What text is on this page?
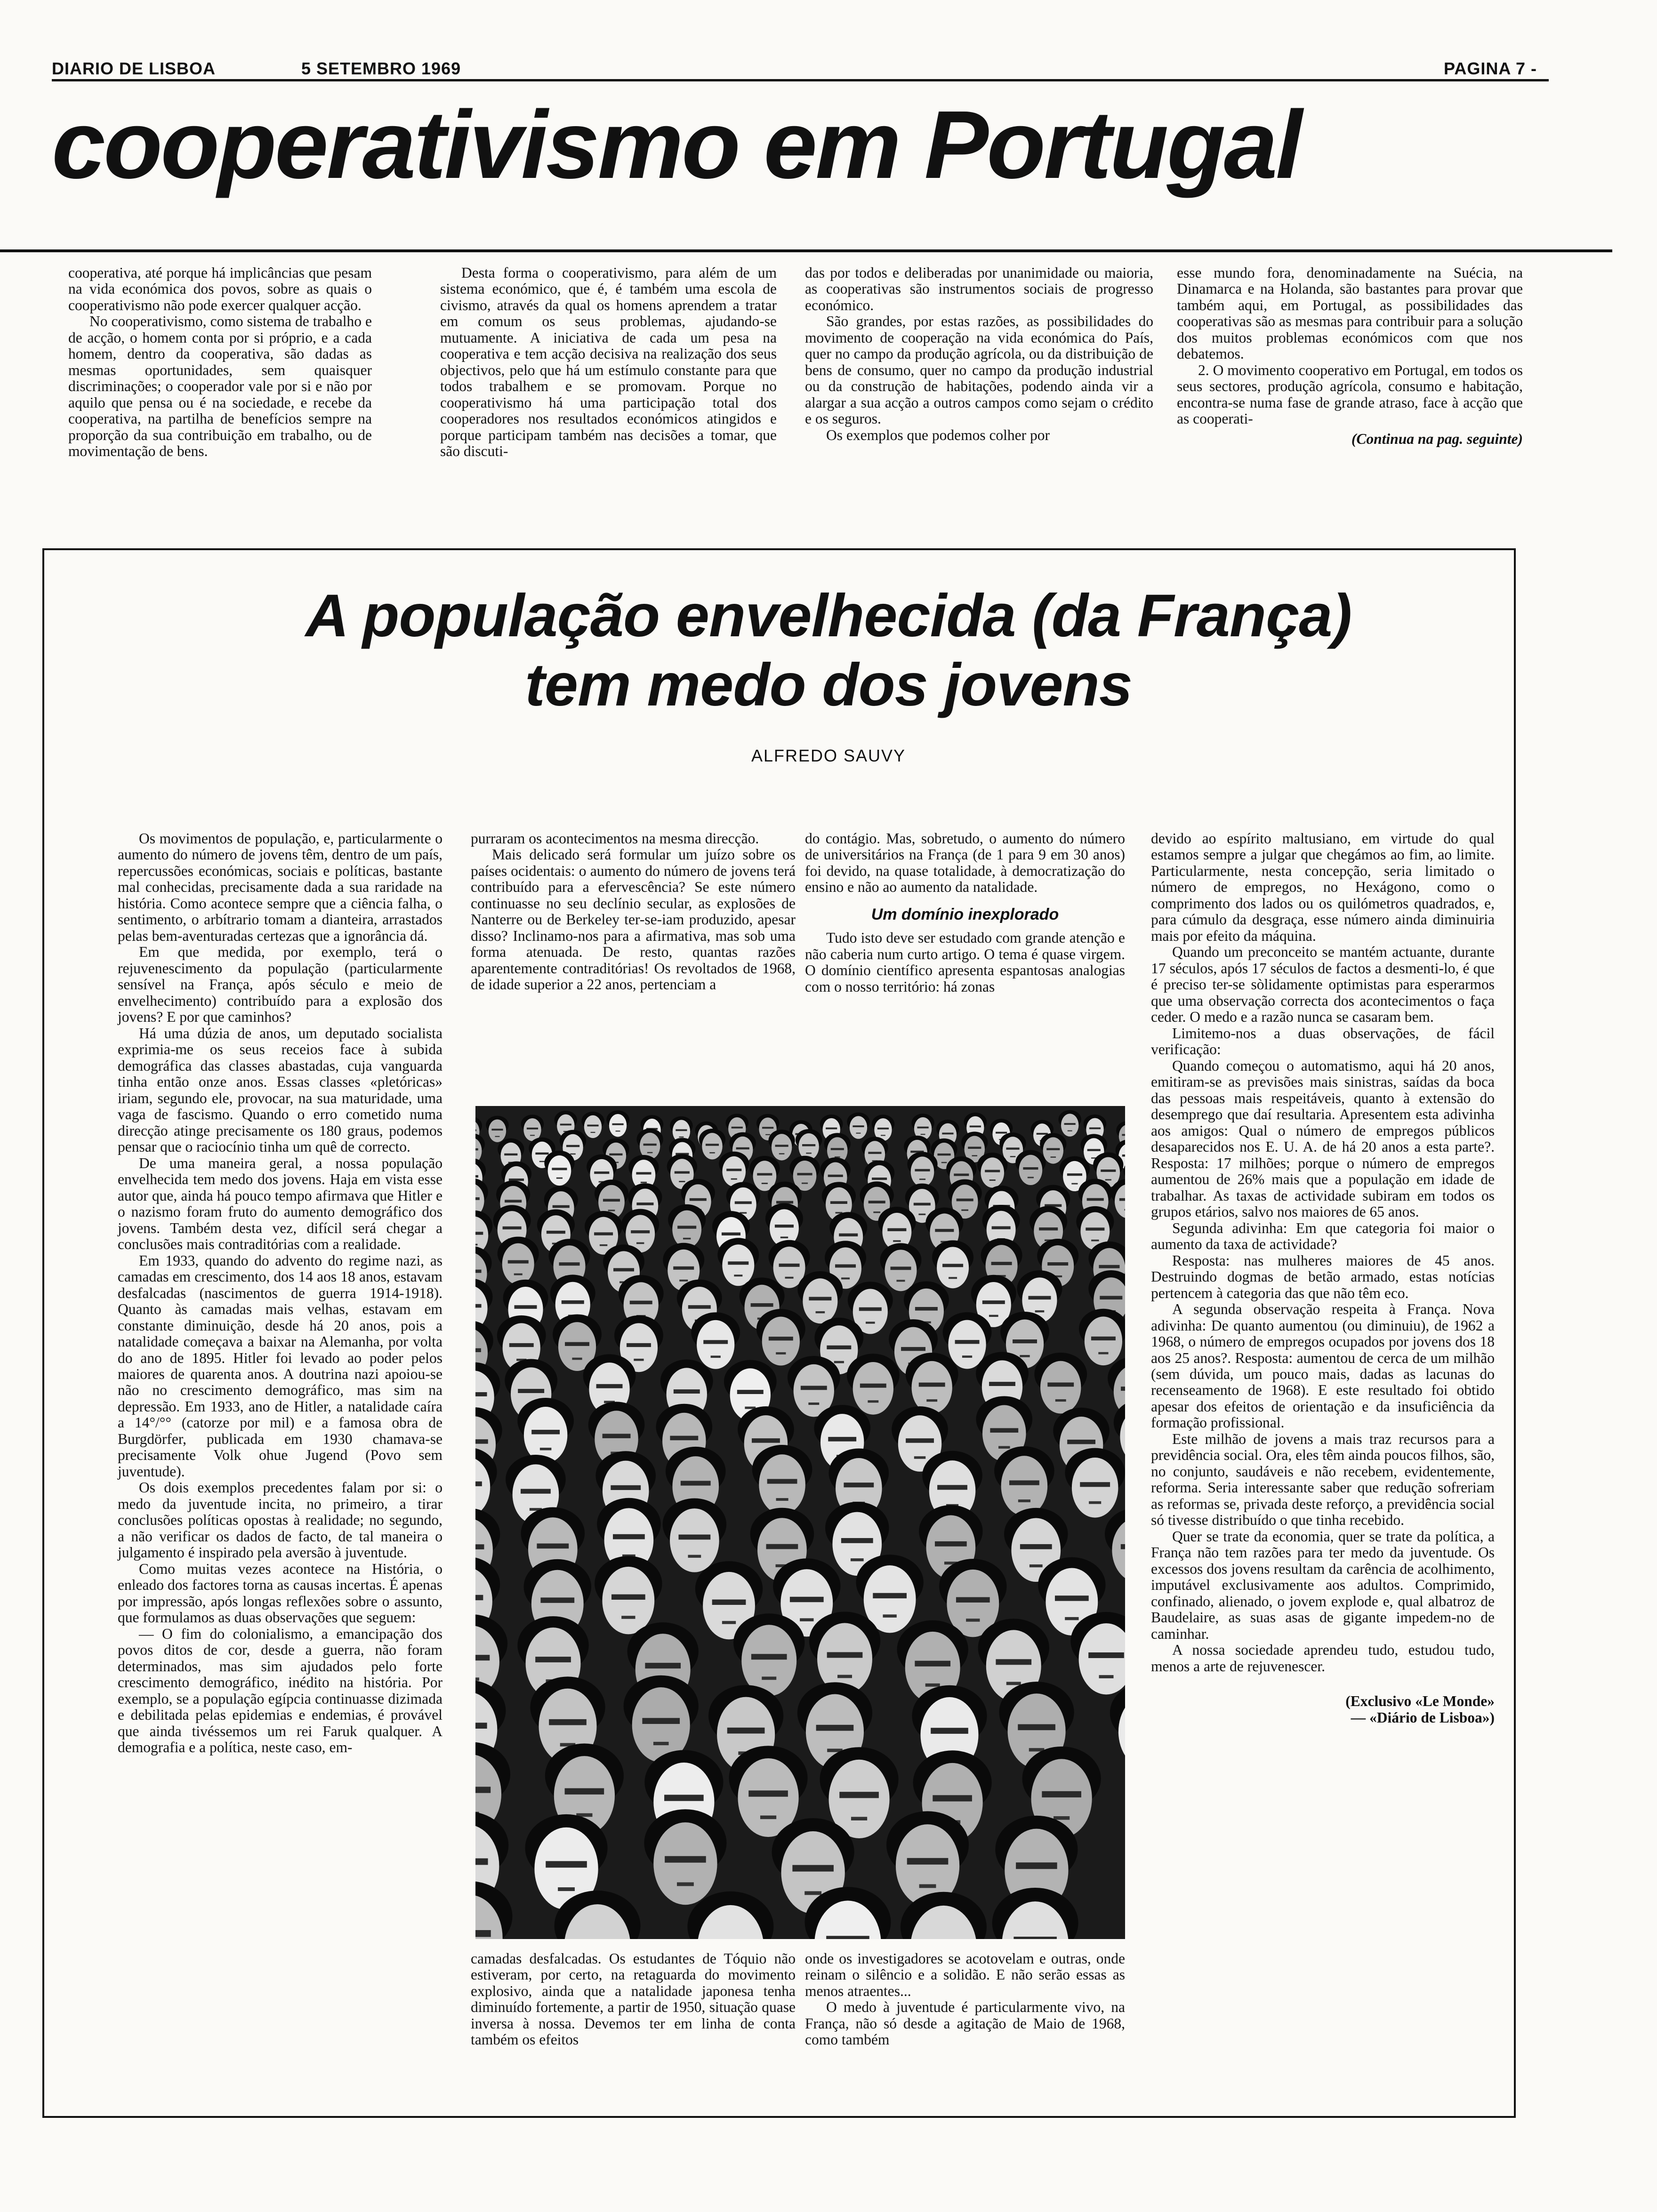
DIARIO DE LISBOA	5 SETEMBRO 1969	PAGINA 7 -
cooperativismo em Portugal

cooperativa, até porque há implicâncias que pesam na vida económica dos povos, sobre as quais o cooperativismo não pode exercer qualquer acção.

No cooperativismo, como sistema de trabalho e de acção, o homem conta por si próprio, e a cada homem, dentro da cooperativa, são dadas as mesmas oportunidades, sem quaisquer discriminações; o cooperador vale por si e não por aquilo que pensa ou é na sociedade, e recebe da cooperativa, na partilha de benefícios sempre na proporção da sua contribuição em trabalho, ou de movimentação de bens.

Desta forma o cooperativismo, para além de um sistema económico, que é, é também uma escola de civismo, através da qual os homens aprendem a tratar em comum os seus problemas, ajudando-se mutuamente. A iniciativa de cada um pesa na cooperativa e tem acção decisiva na realização dos seus objectivos, pelo que há um estímulo constante para que todos trabalhem e se promovam. Porque no cooperativismo há uma participação total dos cooperadores nos resultados económicos atingidos e porque participam também nas decisões a tomar, que são discuti-

das por todos e deliberadas por unanimidade ou maioria, as cooperativas são instrumentos sociais de progresso económico.

São grandes, por estas razões, as possibilidades do movimento de cooperação na vida económica do País, quer no campo da produção agrícola, ou da distribuição de bens de consumo, quer no campo da produção industrial ou da construção de habitações, podendo ainda vir a alargar a sua acção a outros campos como sejam o crédito e os seguros.

Os exemplos que podemos colher por

esse mundo fora, denominadamente na Suécia, na Dinamarca e na Holanda, são bastantes para provar que também aqui, em Portugal, as possibilidades das cooperativas são as mesmas para contribuir para a solução dos muitos problemas económicos com que nos debatemos.

2. O movimento cooperativo em Portugal, em todos os seus sectores, produção agrícola, consumo e habitação, encontra-se numa fase de grande atraso, face à acção que as cooperati-

(Continua na pag. seguinte)
A população envelhecida (da França)
tem medo dos jovens
ALFREDO SAUVY

Os movimentos de população, e, particularmente o aumento do número de jovens têm, dentro de um país, repercussões económicas, sociais e políticas, bastante mal conhecidas, precisamente dada a sua raridade na história. Como acontece sempre que a ciência falha, o sentimento, o arbítrario tomam a dianteira, arrastados pelas bem-aventuradas certezas que a ignorância dá.

Em que medida, por exemplo, terá o rejuvenescimento da população (particularmente sensível na França, após século e meio de envelhecimento) contribuído para a explosão dos jovens? E por que caminhos?

Há uma dúzia de anos, um deputado socialista exprimia-me os seus receios face à subida demográfica das classes abastadas, cuja vanguarda tinha então onze anos. Essas classes «pletóricas» iriam, segundo ele, provocar, na sua maturidade, uma vaga de fascismo. Quando o erro cometido numa direcção atinge precisamente os 180 graus, podemos pensar que o raciocínio tinha um quê de correcto.

De uma maneira geral, a nossa população envelhecida tem medo dos jovens. Haja em vista esse autor que, ainda há pouco tempo afirmava que Hitler e o nazismo foram fruto do aumento demográfico dos jovens. Também desta vez, difícil será chegar a conclusões mais contraditórias com a realidade.

Em 1933, quando do advento do regime nazi, as camadas em crescimento, dos 14 aos 18 anos, estavam desfalcadas (nascimentos de guerra 1914-1918). Quanto às camadas mais velhas, estavam em constante diminuição, desde há 20 anos, pois a natalidade começava a baixar na Alemanha, por volta do ano de 1895. Hitler foi levado ao poder pelos maiores de quarenta anos. A doutrina nazi apoiou-se não no crescimento demográfico, mas sim na depressão. Em 1933, ano de Hitler, a natalidade caíra a 14°/°° (catorze por mil) e a famosa obra de Burgdörfer, publicada em 1930 chamava-se precisamente Volk ohue Jugend (Povo sem juventude).

Os dois exemplos precedentes falam por si: o medo da juventude incita, no primeiro, a tirar conclusões políticas opostas à realidade; no segundo, a não verificar os dados de facto, de tal maneira o julgamento é inspirado pela aversão à juventude.

Como muitas vezes acontece na História, o enleado dos factores torna as causas incertas. É apenas por impressão, após longas reflexões sobre o assunto, que formulamos as duas observações que seguem:

— O fim do colonialismo, a emancipação dos povos ditos de cor, desde a guerra, não foram determinados, mas sim ajudados pelo forte crescimento demográfico, inédito na história. Por exemplo, se a população egípcia continuasse dizimada e debilitada pelas epidemias e endemias, é provável que ainda tivéssemos um rei Faruk qualquer. A demografia e a política, neste caso, em-

purraram os acontecimentos na mesma direcção.

Mais delicado será formular um juízo sobre os países ocidentais: o aumento do número de jovens terá contribuído para a efervescência? Se este número continuasse no seu declínio secular, as explosões de Nanterre ou de Berkeley ter-se-iam produzido, apesar disso? Inclinamo-nos para a afirmativa, mas sob uma forma atenuada. De resto, quantas razões aparentemente contraditórias! Os revoltados de 1968, de idade superior a 22 anos, pertenciam a

do contágio. Mas, sobretudo, o aumento do número de universitários na França (de 1 para 9 em 30 anos) foi devido, na quase totalidade, à democratização do ensino e não ao aumento da natalidade.

Um domínio inexplorado

Tudo isto deve ser estudado com grande atenção e não caberia num curto artigo. O tema é quase virgem. O domínio científico apresenta espantosas analogias com o nosso território: há zonas

devido ao espírito maltusiano, em virtude do qual estamos sempre a julgar que chegámos ao fim, ao limite. Particularmente, nesta concepção, seria limitado o número de empregos, no Hexágono, como o comprimento dos lados ou os quilómetros quadrados, e, para cúmulo da desgraça, esse número ainda diminuiria mais por efeito da máquina.

Quando um preconceito se mantém actuante, durante 17 séculos, após 17 séculos de factos a desmenti-lo, é que é preciso ter-se sòlidamente optimistas para esperarmos que uma observação correcta dos acontecimentos o faça ceder. O medo e a razão nunca se casaram bem.

Limitemo-nos a duas observações, de fácil verificação:

Quando começou o automatismo, aqui há 20 anos, emitiram-se as previsões mais sinistras, saídas da boca das pessoas mais respeitáveis, quanto à extensão do desemprego que daí resultaria. Apresentem esta adivinha aos amigos: Qual o número de empregos públicos desaparecidos nos E. U. A. de há 20 anos a esta parte?. Resposta: 17 milhões; porque o número de empregos aumentou de 26% mais que a população em idade de trabalhar. As taxas de actividade subiram em todos os grupos etários, salvo nos maiores de 65 anos.

Segunda adivinha: Em que categoria foi maior o aumento da taxa de actividade?

Resposta: nas mulheres maiores de 45 anos. Destruindo dogmas de betão armado, estas notícias pertencem à categoria das que não têm eco.

A segunda observação respeita à França. Nova adivinha: De quanto aumentou (ou diminuiu), de 1962 a 1968, o número de empregos ocupados por jovens dos 18 aos 25 anos?. Resposta: aumentou de cerca de um milhão (sem dúvida, um pouco mais, dadas as lacunas do recenseamento de 1968). E este resultado foi obtido apesar dos efeitos de orientação e da insuficiência da formação profissional.

Este milhão de jovens a mais traz recursos para a previdência social. Ora, eles têm ainda poucos filhos, são, no conjunto, saudáveis e não recebem, evidentemente, reforma. Seria interessante saber que redução sofreriam as reformas se, privada deste reforço, a previdência social só tivesse distribuído o que tinha recebido.

Quer se trate da economia, quer se trate da política, a França não tem razões para ter medo da juventude. Os excessos dos jovens resultam da carência de acolhimento, imputável exclusivamente aos adultos. Comprimido, confinado, alienado, o jovem explode e, qual albatroz de Baudelaire, as suas asas de gigante impedem-no de caminhar.

A nossa sociedade aprendeu tudo, estudou tudo, menos a arte de rejuvenescer.

(Exclusivo «Le Monde»
— «Diário de Lisboa»)

camadas desfalcadas. Os estudantes de Tóquio não estiveram, por certo, na retaguarda do movimento explosivo, ainda que a natalidade japonesa tenha diminuído fortemente, a partir de 1950, situação quase inversa à nossa. Devemos ter em linha de conta também os efeitos

onde os investigadores se acotovelam e outras, onde reinam o silêncio e a solidão. E não serão essas as menos atraentes...

O medo à juventude é particularmente vivo, na França, não só desde a agitação de Maio de 1968, como também
